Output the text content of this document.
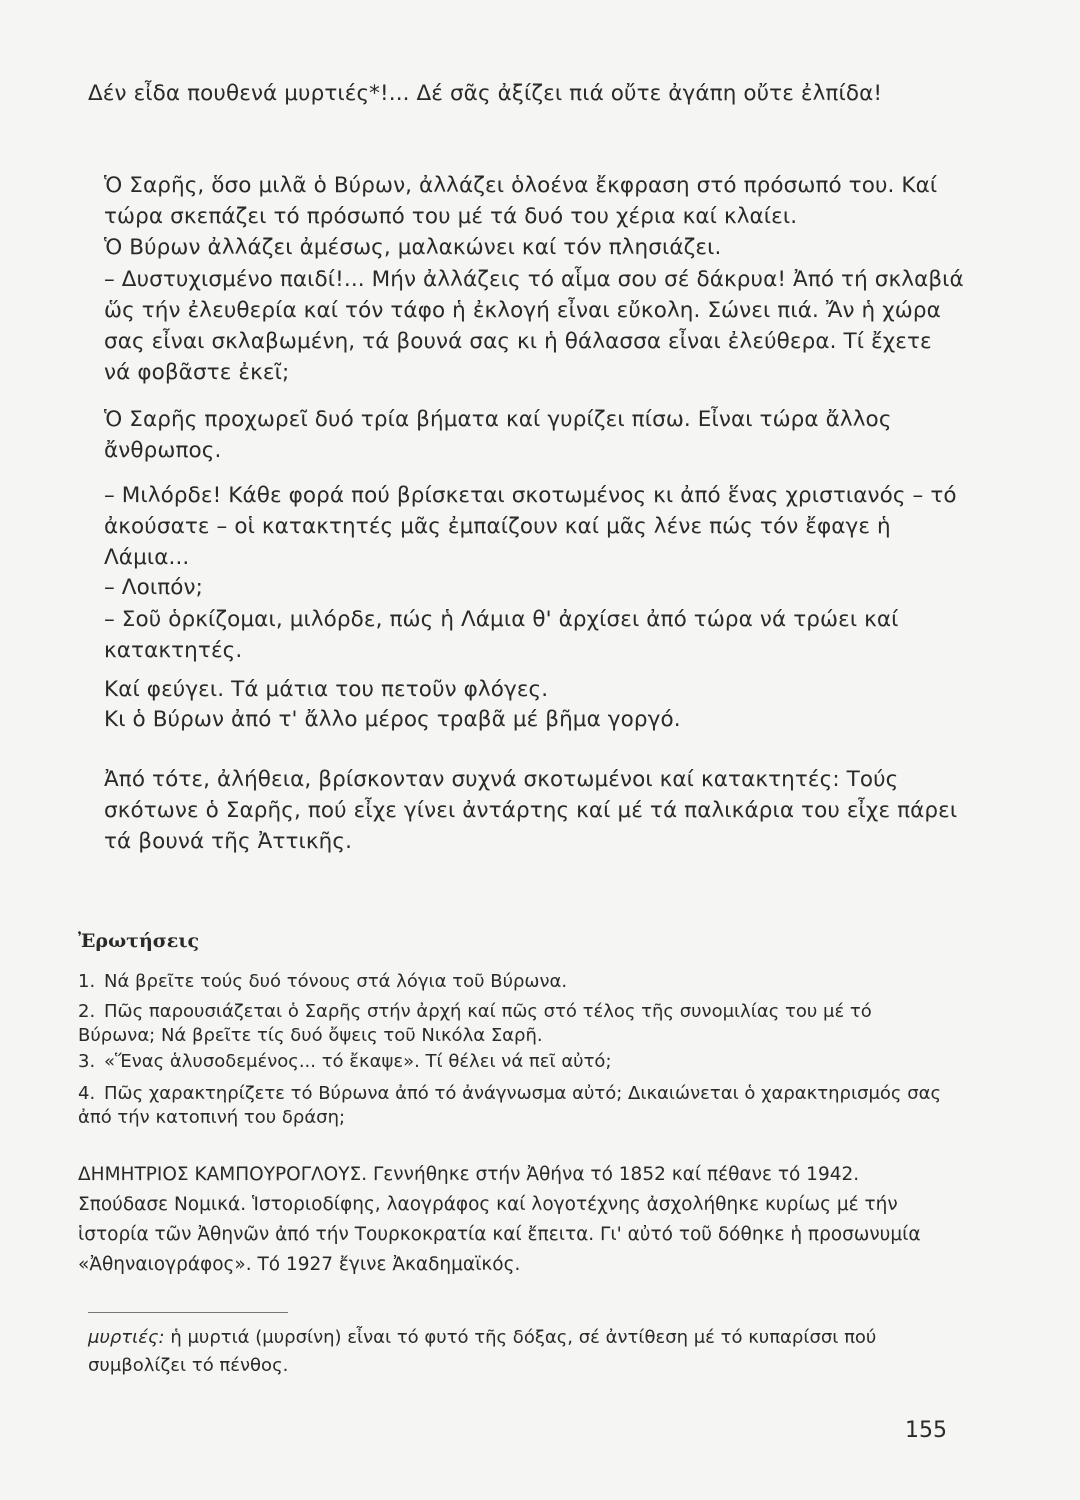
Δέν εἶδα πουθενά μυρτιές*!... Δέ σᾶς ἀξίζει πιά οὔτε ἀγάπη οὔτε ἐλπίδα!

Ὁ Σαρῆς, ὅσο μιλᾶ ὁ Βύρων, ἀλλάζει ὁλοένα ἔκφραση στό πρόσωπό του. Καί τώρα σκεπάζει τό πρόσωπό του μέ τά δυό του χέρια καί κλαίει.

Ὁ Βύρων ἀλλάζει ἀμέσως, μαλακώνει καί τόν πλησιάζει.

– Δυστυχισμένο παιδί!... Μήν ἀλλάζεις τό αἷμα σου σέ δάκρυα! Ἀπό τή σκλαβιά ὥς τήν ἐλευθερία καί τόν τάφο ἡ ἐκλογή εἶναι εὔκολη. Σώνει πιά. Ἄν ἡ χώρα σας εἶναι σκλαβωμένη, τά βουνά σας κι ἡ θάλασσα εἶναι ἐλεύθερα. Τί ἔχετε νά φοβᾶστε ἐκεῖ;

Ὁ Σαρῆς προχωρεῖ δυό τρία βήματα καί γυρίζει πίσω. Εἶναι τώρα ἄλλος ἄνθρωπος.

– Μιλόρδε! Κάθε φορά πού βρίσκεται σκοτωμένος κι ἀπό ἕνας χριστιανός – τό ἀκούσατε – οἱ κατακτητές μᾶς ἐμπαίζουν καί μᾶς λένε πώς τόν ἔφαγε ἡ Λάμια...

– Λοιπόν;

– Σοῦ ὁρκίζομαι, μιλόρδε, πώς ἡ Λάμια θ' ἀρχίσει ἀπό τώρα νά τρώει καί κατακτητές.

Καί φεύγει. Τά μάτια του πετοῦν φλόγες.

Κι ὁ Βύρων ἀπό τ' ἄλλο μέρος τραβᾶ μέ βῆμα γοργό.

Ἀπό τότε, ἀλήθεια, βρίσκονταν συχνά σκοτωμένοι καί κατακτητές: Τούς σκότωνε ὁ Σαρῆς, πού εἶχε γίνει ἀντάρτης καί μέ τά παλικάρια του εἶχε πάρει τά βουνά τῆς Ἀττικῆς.

Ἐρωτήσεις
1. Νά βρεῖτε τούς δυό τόνους στά λόγια τοῦ Βύρωνα.
2. Πῶς παρουσιάζεται ὁ Σαρῆς στήν ἀρχή καί πῶς στό τέλος τῆς συνομιλίας του μέ τό Βύρωνα; Νά βρεῖτε τίς δυό ὄψεις τοῦ Νικόλα Σαρῆ.
3. «Ἕνας ἁλυσοδεμένος... τό ἔκαψε». Τί θέλει νά πεῖ αὐτό;
4. Πῶς χαρακτηρίζετε τό Βύρωνα ἀπό τό ἀνάγνωσμα αὐτό; Δικαιώνεται ὁ χαρακτηρισμός σας ἀπό τήν κατοπινή του δράση;

ΔΗΜΗΤΡΙΟΣ ΚΑΜΠΟΥΡΟΓΛΟΥΣ. Γεννήθηκε στήν Ἀθήνα τό 1852 καί πέθανε τό 1942. Σπούδασε Νομικά. Ἱστοριοδίφης, λαογράφος καί λογοτέχνης ἀσχολήθηκε κυρίως μέ τήν ἱστορία τῶν Ἀθηνῶν ἀπό τήν Τουρκοκρατία καί ἔπειτα. Γι' αὐτό τοῦ δόθηκε ἡ προσωνυμία «Ἀθηναιογράφος». Τό 1927 ἔγινε Ἀκαδημαϊκός.

μυρτιές: ἡ μυρτιά (μυρσίνη) εἶναι τό φυτό τῆς δόξας, σέ ἀντίθεση μέ τό κυπαρίσσι πού συμβολίζει τό πένθος.

155
